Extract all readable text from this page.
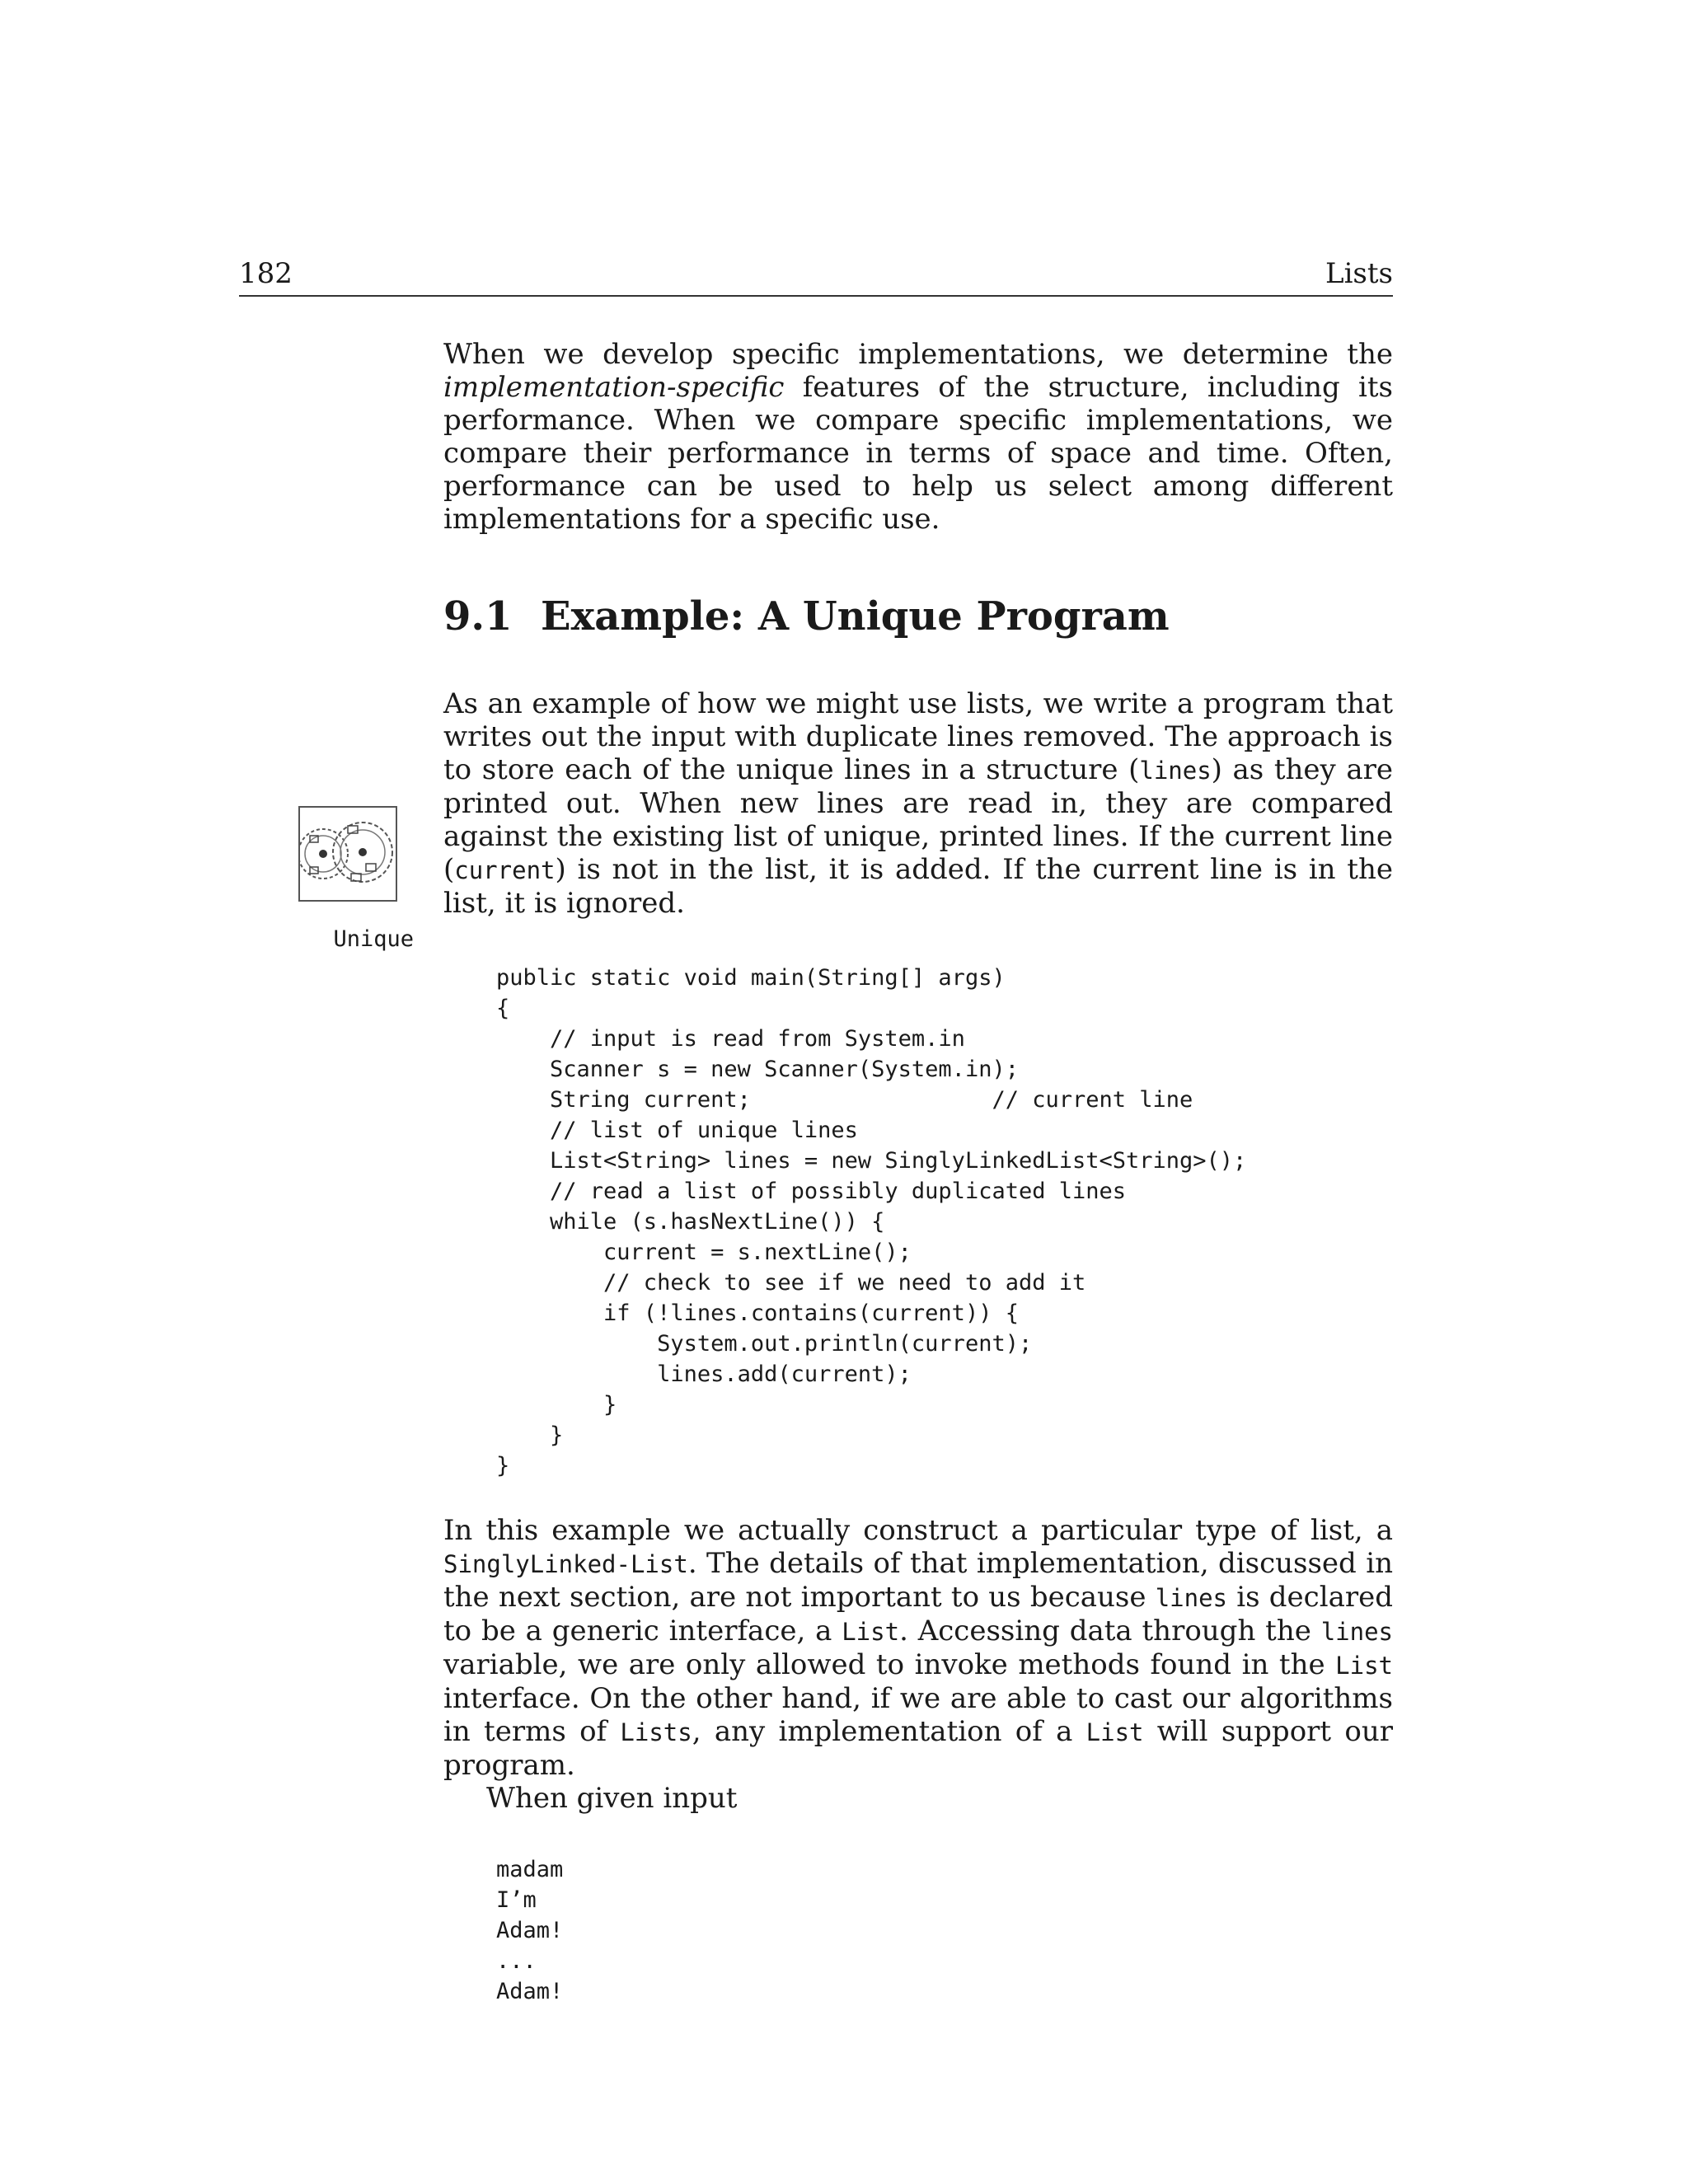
182	Lists
Unique

When we develop specific implementations, we determine the implementation-specific features of the structure, including its performance. When we compare specific implementations, we compare their performance in terms of space and time. Often, performance can be used to help us select among different implementations for a specific use.

9.1 Example: A Unique Program

As an example of how we might use lists, we write a program that writes out the input with duplicate lines removed. The approach is to store each of the unique lines in a structure (lines) as they are printed out. When new lines are read in, they are compared against the existing list of unique, printed lines. If the current line (current) is not in the list, it is added. If the current line is in the list, it is ignored.

public static void main(String[] args)
{
// input is read from System.in
Scanner s = new Scanner(System.in);
String current;                  // current line
// list of unique lines
List<String> lines = new SinglyLinkedList<String>();
// read a list of possibly duplicated lines
while (s.hasNextLine()) {
current = s.nextLine();
// check to see if we need to add it
if (!lines.contains(current)) {
System.out.println(current);
lines.add(current);
}
}
}

In this example we actually construct a particular type of list, a SinglyLinked-List. The details of that implementation, discussed in the next section, are not important to us because lines is declared to be a generic interface, a List. Accessing data through the lines variable, we are only allowed to invoke methods found in the List interface. On the other hand, if we are able to cast our algorithms in terms of Lists, any implementation of a List will support our program.

When given input

madam
I’m
Adam!
...
Adam!
